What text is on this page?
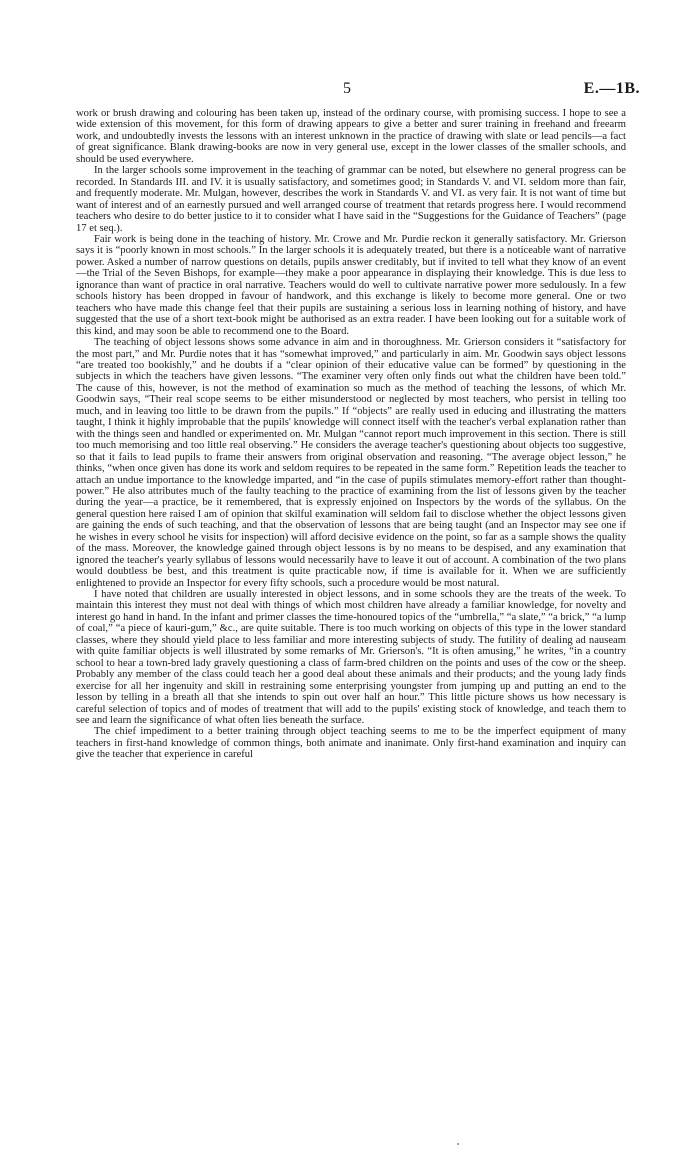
5	E.—1B.

work or brush drawing and colouring has been taken up, instead of the ordinary course, with promising success. I hope to see a wide extension of this movement, for this form of drawing appears to give a better and surer training in freehand and freearm work, and undoubtedly invests the lessons with an interest unknown in the practice of drawing with slate or lead pencils—a fact of great significance. Blank drawing-books are now in very general use, except in the lower classes of the smaller schools, and should be used everywhere.

In the larger schools some improvement in the teaching of grammar can be noted, but elsewhere no general progress can be recorded. In Standards III. and IV. it is usually satisfactory, and sometimes good; in Standards V. and VI. seldom more than fair, and frequently moderate. Mr. Mulgan, however, describes the work in Standards V. and VI. as very fair. It is not want of time but want of interest and of an earnestly pursued and well arranged course of treatment that retards progress here. I would recommend teachers who desire to do better justice to it to consider what I have said in the “Suggestions for the Guidance of Teachers” (page 17 et seq.).

Fair work is being done in the teaching of history. Mr. Crowe and Mr. Purdie reckon it generally satisfactory. Mr. Grierson says it is “poorly known in most schools.” In the larger schools it is adequately treated, but there is a noticeable want of narrative power. Asked a number of narrow questions on details, pupils answer creditably, but if invited to tell what they know of an event—the Trial of the Seven Bishops, for example—they make a poor appearance in displaying their knowledge. This is due less to ignorance than want of practice in oral narrative. Teachers would do well to cultivate narrative power more sedulously. In a few schools history has been dropped in favour of handwork, and this exchange is likely to become more general. One or two teachers who have made this change feel that their pupils are sustaining a serious loss in learning nothing of history, and have suggested that the use of a short text-book might be authorised as an extra reader. I have been looking out for a suitable work of this kind, and may soon be able to recommend one to the Board.

The teaching of object lessons shows some advance in aim and in thoroughness. Mr. Grierson considers it “satisfactory for the most part,” and Mr. Purdie notes that it has “somewhat improved,” and particularly in aim. Mr. Goodwin says object lessons “are treated too bookishly,” and he doubts if a “clear opinion of their educative value can be formed” by questioning in the subjects in which the teachers have given lessons. “The examiner very often only finds out what the children have been told.” The cause of this, however, is not the method of examination so much as the method of teaching the lessons, of which Mr. Goodwin says, “Their real scope seems to be either misunderstood or neglected by most teachers, who persist in telling too much, and in leaving too little to be drawn from the pupils.” If “objects” are really used in educing and illustrating the matters taught, I think it highly improbable that the pupils' knowledge will connect itself with the teacher's verbal explanation rather than with the things seen and handled or experimented on. Mr. Mulgan “cannot report much improvement in this section. There is still too much memorising and too little real observing.” He considers the average teacher's questioning about objects too suggestive, so that it fails to lead pupils to frame their answers from original observation and reasoning. “The average object lesson,” he thinks, “when once given has done its work and seldom requires to be repeated in the same form.” Repetition leads the teacher to attach an undue importance to the knowledge imparted, and “in the case of pupils stimulates memory-effort rather than thought-power.” He also attributes much of the faulty teaching to the practice of examining from the list of lessons given by the teacher during the year—a practice, be it remembered, that is expressly enjoined on Inspectors by the words of the syllabus. On the general question here raised I am of opinion that skilful examination will seldom fail to disclose whether the object lessons given are gaining the ends of such teaching, and that the observation of lessons that are being taught (and an Inspector may see one if he wishes in every school he visits for inspection) will afford decisive evidence on the point, so far as a sample shows the quality of the mass. Moreover, the knowledge gained through object lessons is by no means to be despised, and any examination that ignored the teacher's yearly syllabus of lessons would necessarily have to leave it out of account. A combination of the two plans would doubtless be best, and this treatment is quite practicable now, if time is available for it. When we are sufficiently enlightened to provide an Inspector for every fifty schools, such a procedure would be most natural.

I have noted that children are usually interested in object lessons, and in some schools they are the treats of the week. To maintain this interest they must not deal with things of which most children have already a familiar knowledge, for novelty and interest go hand in hand. In the infant and primer classes the time-honoured topics of the “umbrella,” “a slate,” “a brick,” “a lump of coal,” “a piece of kauri-gum,” &c., are quite suitable. There is too much working on objects of this type in the lower standard classes, where they should yield place to less familiar and more interesting subjects of study. The futility of dealing ad nauseam with quite familiar objects is well illustrated by some remarks of Mr. Grierson's. “It is often amusing,” he writes, “in a country school to hear a town-bred lady gravely questioning a class of farm-bred children on the points and uses of the cow or the sheep. Probably any member of the class could teach her a good deal about these animals and their products; and the young lady finds exercise for all her ingenuity and skill in restraining some enterprising youngster from jumping up and putting an end to the lesson by telling in a breath all that she intends to spin out over half an hour.” This little picture shows us how necessary is careful selection of topics and of modes of treatment that will add to the pupils' existing stock of knowledge, and teach them to see and learn the significance of what often lies beneath the surface.

The chief impediment to a better training through object teaching seems to me to be the imperfect equipment of many teachers in first-hand knowledge of common things, both animate and inanimate. Only first-hand examination and inquiry can give the teacher that experience in careful
